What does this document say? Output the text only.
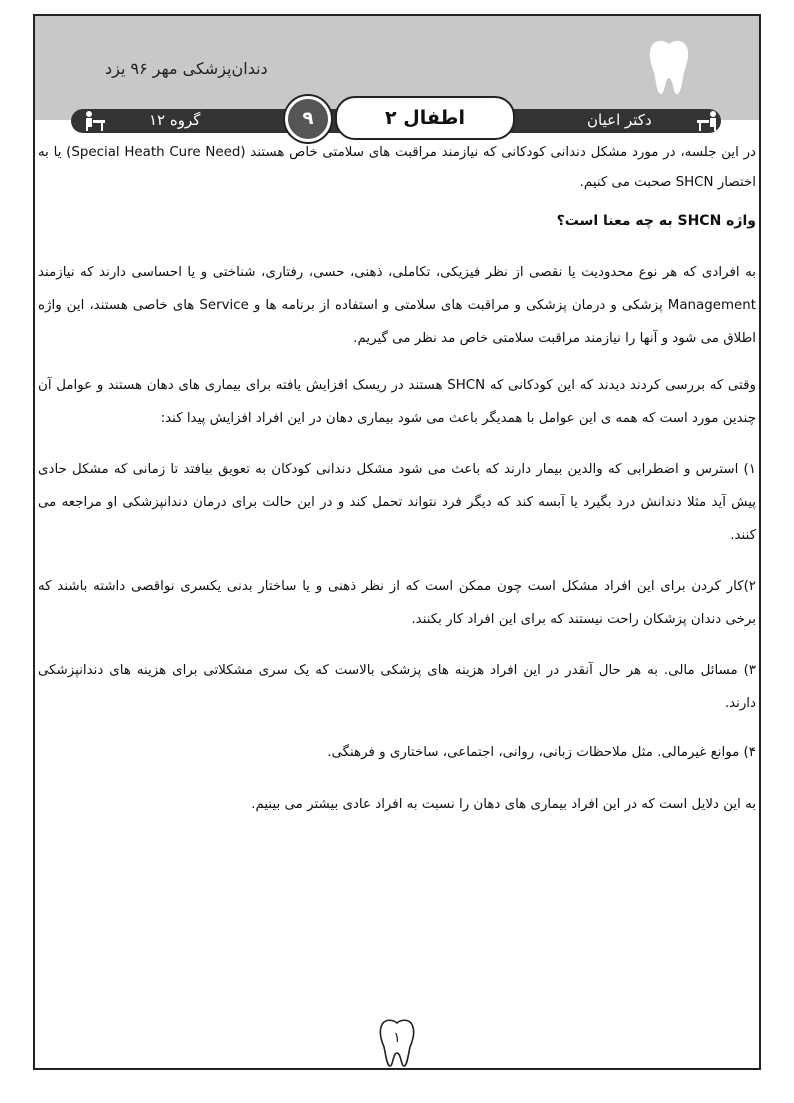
دندان‌پزشکی مهر ۹۶ یزد
گروه ۱۲	۹	اطفال ۲	دکتر اعیان

در این جلسه، در مورد مشکل دندانی کودکانی که نیازمند مراقبت های سلامتی خاص هستند (Special Heath Cure Need) یا به اختصار SHCN صحبت می کنیم.

واژه SHCN به چه معنا است؟

به افرادی که هر نوع محدودیت یا نقصی از نظر فیزیکی، تکاملی، ذهنی، حسی، رفتاری، شناختی و یا احساسی دارند که نیازمند Management پزشکی و درمان پزشکی و مراقبت های سلامتی و استفاده از برنامه ها و Service های خاصی هستند، این واژه اطلاق می شود و آنها را نیازمند مراقبت سلامتی خاص مد نظر می گیریم.

وقتی که بررسی کردند دیدند که این کودکانی که SHCN هستند در ریسک افزایش یافته برای بیماری های دهان هستند و عوامل آن چندین مورد است که همه ی این عوامل با همدیگر باعث می شود بیماری دهان در این افراد افزایش پیدا کند:

۱) استرس و اضطرابی که والدین بیمار دارند که باعث می شود مشکل دندانی کودکان به تعویق بیافتد تا زمانی که مشکل حادی پیش آید مثلا دندانش درد بگیرد یا آبسه کند که دیگر فرد نتواند تحمل کند و در این حالت برای درمان دندانپزشکی او مراجعه می کنند.

۲)کار کردن برای این افراد مشکل است چون ممکن است که از نظر ذهنی و یا ساختار بدنی یکسری نواقصی داشته باشند که برخی دندان پزشکان راحت نیستند که برای این افراد کار بکنند.

۳) مسائل مالی. به هر حال آنقدر در این افراد هزینه های پزشکی بالاست که یک سری مشکلاتی برای هزینه های دندانپزشکی دارند.

۴) موانع غیرمالی. مثل ملاحظات زبانی، روانی، اجتماعی، ساختاری و فرهنگی.

به این دلایل است که در این افراد بیماری های دهان را نسبت به افراد عادی بیشتر می بینیم.

۱
